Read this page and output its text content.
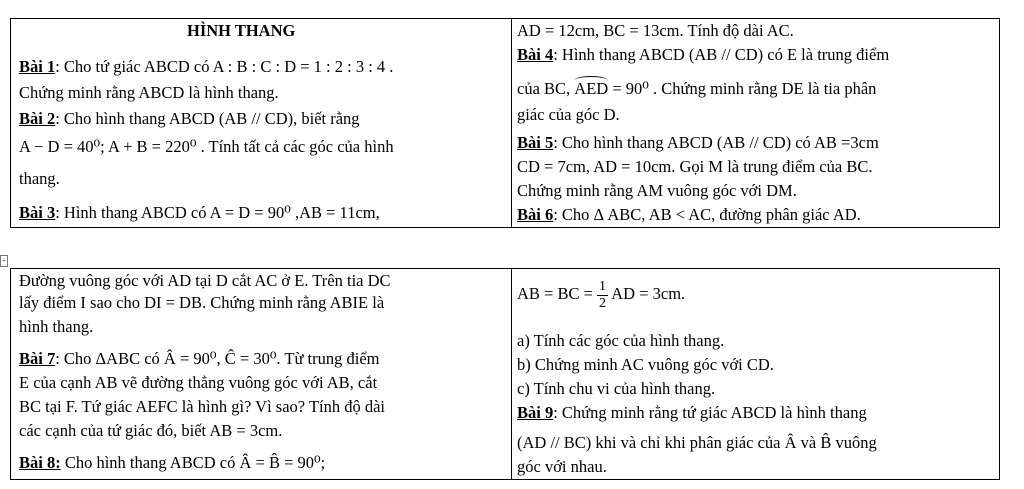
HÌNH THANG
Bài 1: Cho tứ giác ABCD có A : B : C : D = 1 : 2 : 3 : 4 .
Chứng minh rằng ABCD là hình thang.
Bài 2: Cho hình thang ABCD (AB // CD), biết rằng
A − D = 40⁰; A + B = 220⁰ . Tính tất cả các góc của hình
thang.
Bài 3: Hình thang ABCD có A = D = 90⁰ ,AB = 11cm,
AD = 12cm, BC = 13cm. Tính độ dài AC.
Bài 4: Hình thang ABCD (AB // CD) có E là trung điểm
của BC, AED = 90⁰ . Chứng minh rằng DE là tia phân
giác của góc D.
Bài 5: Cho hình thang ABCD (AB // CD) có AB =3cm
CD = 7cm, AD = 10cm. Gọi M là trung điểm của BC.
Chứng minh rằng AM vuông góc với DM.
Bài 6: Cho Δ ABC, AB < AC, đường phân giác AD.
+
Đường vuông góc với AD tại D cắt AC ở E. Trên tia DC
lấy điểm I sao cho DI = DB. Chứng minh rằng ABIE là
hình thang.
Bài 7: Cho ΔABC có Â = 90⁰, Ĉ = 30⁰. Từ trung điểm
E của cạnh AB vẽ đường thẳng vuông góc với AB, cắt
BC tại F. Tứ giác AEFC là hình gì? Vì sao? Tính độ dài
các cạnh của tứ giác đó, biết AB = 3cm.
Bài 8: Cho hình thang ABCD có Â = B̂ = 90⁰;
AB = BC = $\frac{1}{2}$ AD = 3cm.
a) Tính các góc của hình thang.
b) Chứng minh AC vuông góc với CD.
c) Tính chu vi của hình thang.
Bài 9: Chứng minh rằng tứ giác ABCD là hình thang
(AD // BC) khi và chỉ khi phân giác của Â và B̂ vuông
góc với nhau.
